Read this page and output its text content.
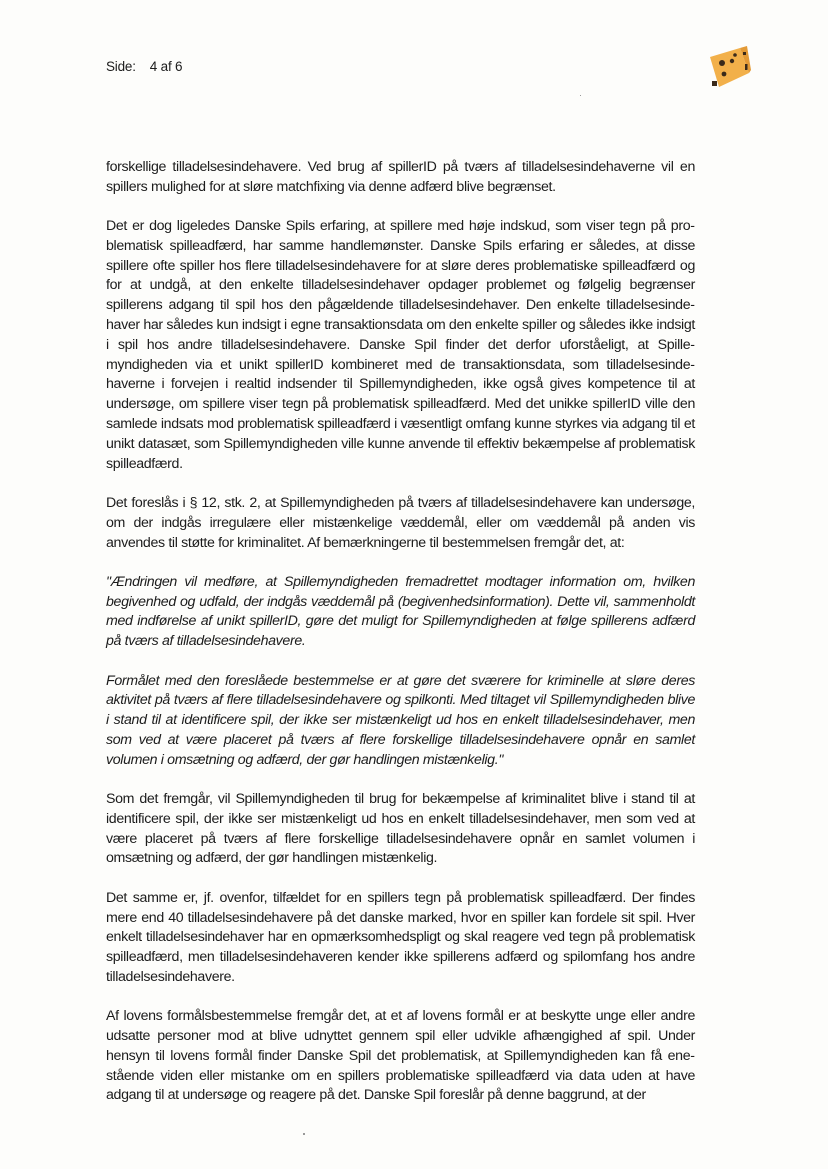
Side: 4 af 6

forskellige tilladelsesindehavere. Ved brug af spillerID på tværs af tilladelsesindehaverne vil en spillers mulighed for at sløre matchfixing via denne adfærd blive begrænset.

Det er dog ligeledes Danske Spils erfaring, at spillere med høje indskud, som viser tegn på problematisk spilleadfærd, har samme handlemønster. Danske Spils erfaring er således, at disse spillere ofte spiller hos flere tilladelsesindehavere for at sløre deres problematiske spilleadfærd og for at undgå, at den enkelte tilladelsesindehaver opdager problemet og følgelig begrænser spillerens adgang til spil hos den pågældende tilladelsesindehaver. Den enkelte tilladelsesindehaver har således kun indsigt i egne transaktionsdata om den enkelte spiller og således ikke indsigt i spil hos andre tilladelsesindehavere. Danske Spil finder det derfor uforståeligt, at Spillemyndigheden via et unikt spillerID kombineret med de transaktionsdata, som tilladelsesindehaverne i forvejen i realtid indsender til Spillemyndigheden, ikke også gives kompetence til at undersøge, om spillere viser tegn på problematisk spilleadfærd. Med det unikke spillerID ville den samlede indsats mod problematisk spilleadfærd i væsentligt omfang kunne styrkes via adgang til et unikt datasæt, som Spillemyndigheden ville kunne anvende til effektiv bekæmpelse af problematisk spilleadfærd.

Det foreslås i § 12, stk. 2, at Spillemyndigheden på tværs af tilladelsesindehavere kan undersøge, om der indgås irregulære eller mistænkelige væddemål, eller om væddemål på anden vis anvendes til støtte for kriminalitet. Af bemærkningerne til bestemmelsen fremgår det, at:

"Ændringen vil medføre, at Spillemyndigheden fremadrettet modtager information om, hvilken begivenhed og udfald, der indgås væddemål på (begivenhedsinformation). Dette vil, sammenholdt med indførelse af unikt spillerID, gøre det muligt for Spillemyndigheden at følge spillerens adfærd på tværs af tilladelsesindehavere.

Formålet med den foreslåede bestemmelse er at gøre det sværere for kriminelle at sløre deres aktivitet på tværs af flere tilladelsesindehavere og spilkonti. Med tiltaget vil Spillemyndigheden blive i stand til at identificere spil, der ikke ser mistænkeligt ud hos en enkelt tilladelsesindehaver, men som ved at være placeret på tværs af flere forskellige tilladelsesindehavere opnår en samlet volumen i omsætning og adfærd, der gør handlingen mistænkelig."

Som det fremgår, vil Spillemyndigheden til brug for bekæmpelse af kriminalitet blive i stand til at identificere spil, der ikke ser mistænkeligt ud hos en enkelt tilladelsesindehaver, men som ved at være placeret på tværs af flere forskellige tilladelsesindehavere opnår en samlet volumen i omsætning og adfærd, der gør handlingen mistænkelig.

Det samme er, jf. ovenfor, tilfældet for en spillers tegn på problematisk spilleadfærd. Der findes mere end 40 tilladelsesindehavere på det danske marked, hvor en spiller kan fordele sit spil. Hver enkelt tilladelsesindehaver har en opmærksomhedspligt og skal reagere ved tegn på problematisk spilleadfærd, men tilladelsesindehaveren kender ikke spillerens adfærd og spilomfang hos andre tilladelsesindehavere.

Af lovens formålsbestemmelse fremgår det, at et af lovens formål er at beskytte unge eller andre udsatte personer mod at blive udnyttet gennem spil eller udvikle afhængighed af spil. Under hensyn til lovens formål finder Danske Spil det problematisk, at Spillemyndigheden kan få enestående viden eller mistanke om en spillers problematiske spilleadfærd via data uden at have adgang til at undersøge og reagere på det. Danske Spil foreslår på denne baggrund, at der
